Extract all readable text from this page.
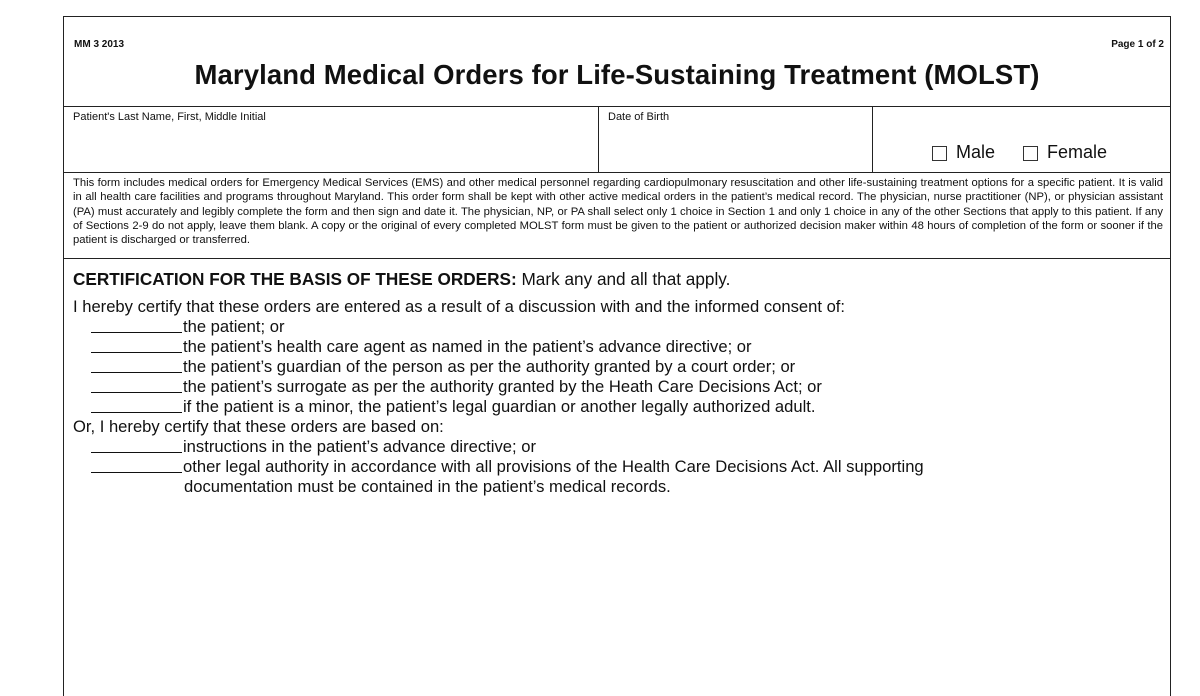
MM 3 2013	Page 1 of 2
Maryland Medical Orders for Life-Sustaining Treatment (MOLST)
Patient's Last Name, First, Middle Initial	Date of Birth
Male
	Female

This form includes medical orders for Emergency Medical Services (EMS) and other medical personnel regarding cardiopulmonary resuscitation and other life-sustaining treatment options for a specific patient. It is valid in all health care facilities and programs throughout Maryland. This order form shall be kept with other active medical orders in the patient’s medical record. The physician, nurse practitioner (NP), or physician assistant (PA) must accurately and legibly complete the form and then sign and date it. The physician, NP, or PA shall select only 1 choice in Section 1 and only 1 choice in any of the other Sections that apply to this patient. If any of Sections 2-9 do not apply, leave them blank. A copy or the original of every completed MOLST form must be given to the patient or authorized decision maker within 48 hours of completion of the form or sooner if the patient is discharged or transferred.

CERTIFICATION FOR THE BASIS OF THESE ORDERS: Mark any and all that apply.
I hereby certify that these orders are entered as a result of a discussion with and the informed consent of:
the patient; or
the patient’s health care agent as named in the patient’s advance directive; or
the patient’s guardian of the person as per the authority granted by a court order; or
the patient’s surrogate as per the authority granted by the Heath Care Decisions Act; or
if the patient is a minor, the patient’s legal guardian or another legally authorized adult.
Or, I hereby certify that these orders are based on:
instructions in the patient’s advance directive; or
other legal authority in accordance with all provisions of the Health Care Decisions Act. All supporting
documentation must be contained in the patient’s medical records.
